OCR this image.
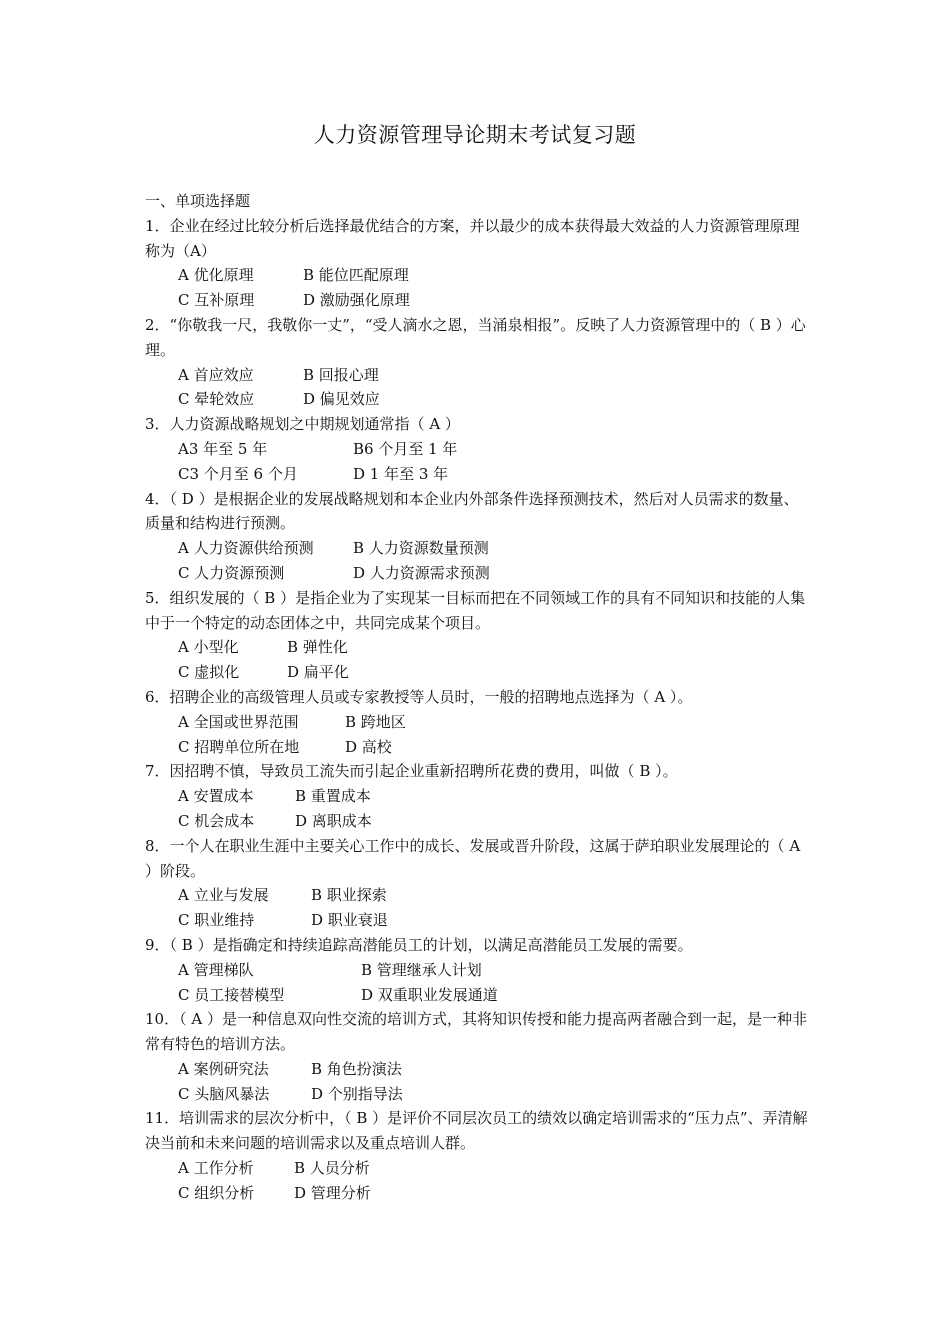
人力资源管理导论期末考试复习题
一、单项选择题
1．企业在经过比较分析后选择最优结合的方案，并以最少的成本获得最大效益的人力资源管理原理称为（A）
A 优化原理	B 能位匹配原理
C 互补原理	D 激励强化原理
2．“你敬我一尺，我敬你一丈”，“受人滴水之恩，当涌泉相报”。反映了人力资源管理中的（ B ）心理。
A 首应效应	B 回报心理
C 晕轮效应	D 偏见效应
3．人力资源战略规划之中期规划通常指（ A ）
A3 年至 5 年	B6 个月至 1 年
C3 个月至 6 个月	D 1 年至 3 年
4．（ D ）是根据企业的发展战略规划和本企业内外部条件选择预测技术，然后对人员需求的数量、质量和结构进行预测。
A 人力资源供给预测	B 人力资源数量预测
C 人力资源预测	D 人力资源需求预测
5．组织发展的（ B ）是指企业为了实现某一目标而把在不同领域工作的具有不同知识和技能的人集中于一个特定的动态团体之中，共同完成某个项目。
A 小型化	B 弹性化
C 虚拟化	D 扁平化
6．招聘企业的高级管理人员或专家教授等人员时，一般的招聘地点选择为（ A ）。
A 全国或世界范围	B 跨地区
C 招聘单位所在地	D 高校
7．因招聘不慎，导致员工流失而引起企业重新招聘所花费的费用，叫做（ B ）。
A 安置成本	B 重置成本
C 机会成本	D 离职成本
8．一个人在职业生涯中主要关心工作中的成长、发展或晋升阶段，这属于萨珀职业发展理论的（ A ）阶段。
A 立业与发展	B 职业探索
C 职业维持	D 职业衰退
9．（ B ）是指确定和持续追踪高潜能员工的计划，以满足高潜能员工发展的需要。
A 管理梯队	B 管理继承人计划
C 员工接替模型	D 双重职业发展通道
10．（ A ）是一种信息双向性交流的培训方式，其将知识传授和能力提高两者融合到一起，是一种非常有特色的培训方法。
A 案例研究法	B 角色扮演法
C 头脑风暴法	D 个别指导法
11．培训需求的层次分析中，（ B ）是评价不同层次员工的绩效以确定培训需求的“压力点”、弄清解决当前和未来问题的培训需求以及重点培训人群。
A 工作分析	B 人员分析
C 组织分析	D 管理分析
